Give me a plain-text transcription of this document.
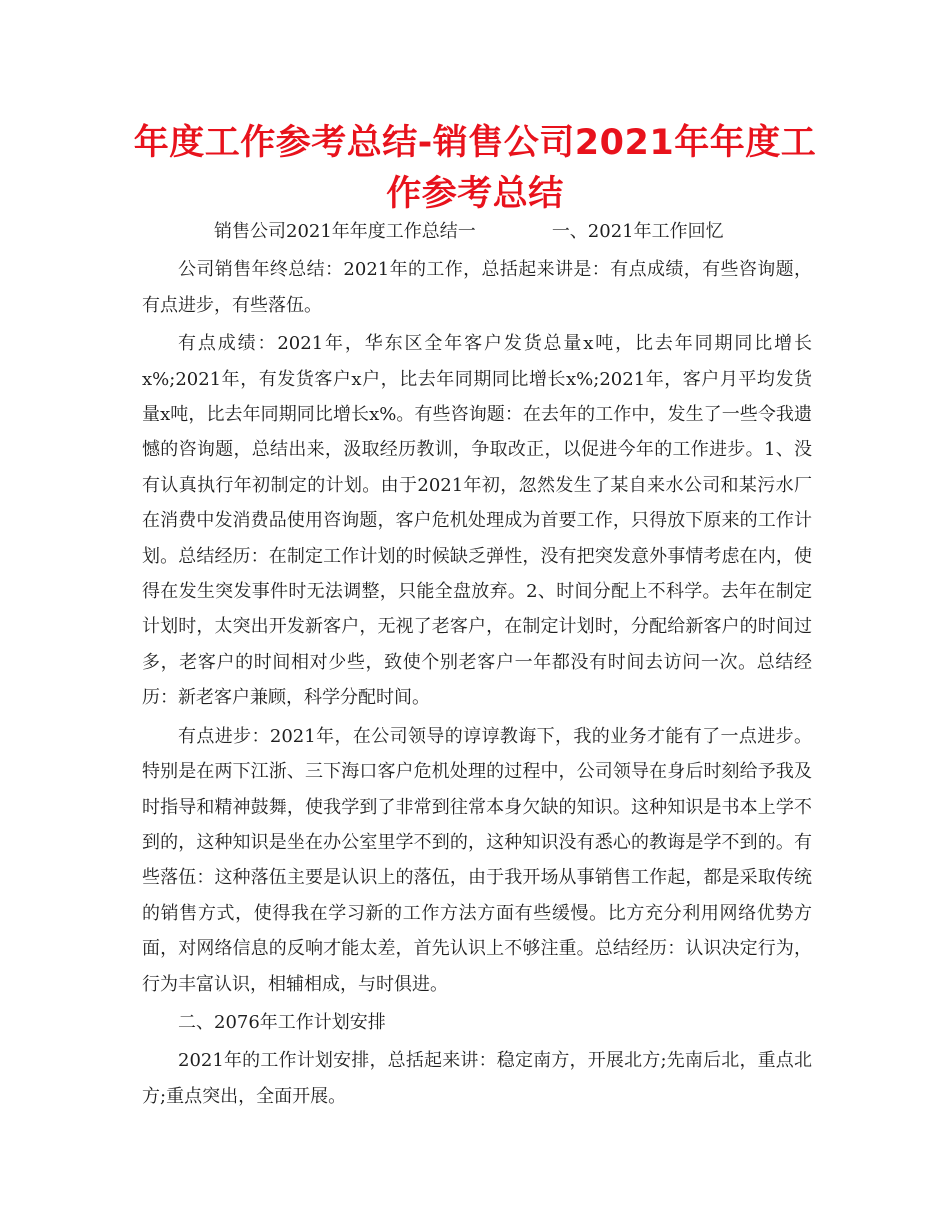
年度工作参考总结-销售公司2021年年度工作参考总结

销售公司2021年年度工作总结一	一、2021年工作回忆

公司销售年终总结：2021年的工作，总括起来讲是：有点成绩，有些咨询题，有点进步，有些落伍。

有点成绩：2021年，华东区全年客户发货总量x吨，比去年同期同比增长x%;2021年，有发货客户x户，比去年同期同比增长x%;2021年，客户月平均发货量x吨，比去年同期同比增长x%。有些咨询题：在去年的工作中，发生了一些令我遗憾的咨询题，总结出来，汲取经历教训，争取改正，以促进今年的工作进步。1、没有认真执行年初制定的计划。由于2021年初，忽然发生了某自来水公司和某污水厂在消费中发消费品使用咨询题，客户危机处理成为首要工作，只得放下原来的工作计划。总结经历：在制定工作计划的时候缺乏弹性，没有把突发意外事情考虑在内，使得在发生突发事件时无法调整，只能全盘放弃。2、时间分配上不科学。去年在制定计划时，太突出开发新客户，无视了老客户，在制定计划时，分配给新客户的时间过多，老客户的时间相对少些，致使个别老客户一年都没有时间去访问一次。总结经历：新老客户兼顾，科学分配时间。

有点进步：2021年，在公司领导的谆谆教诲下，我的业务才能有了一点进步。特别是在两下江浙、三下海口客户危机处理的过程中，公司领导在身后时刻给予我及时指导和精神鼓舞，使我学到了非常到往常本身欠缺的知识。这种知识是书本上学不到的，这种知识是坐在办公室里学不到的，这种知识没有悉心的教诲是学不到的。有些落伍：这种落伍主要是认识上的落伍，由于我开场从事销售工作起，都是采取传统的销售方式，使得我在学习新的工作方法方面有些缓慢。比方充分利用网络优势方面，对网络信息的反响才能太差，首先认识上不够注重。总结经历：认识决定行为，行为丰富认识，相辅相成，与时俱进。

二、2076年工作计划安排

2021年的工作计划安排，总括起来讲：稳定南方，开展北方;先南后北，重点北方;重点突出，全面开展。
